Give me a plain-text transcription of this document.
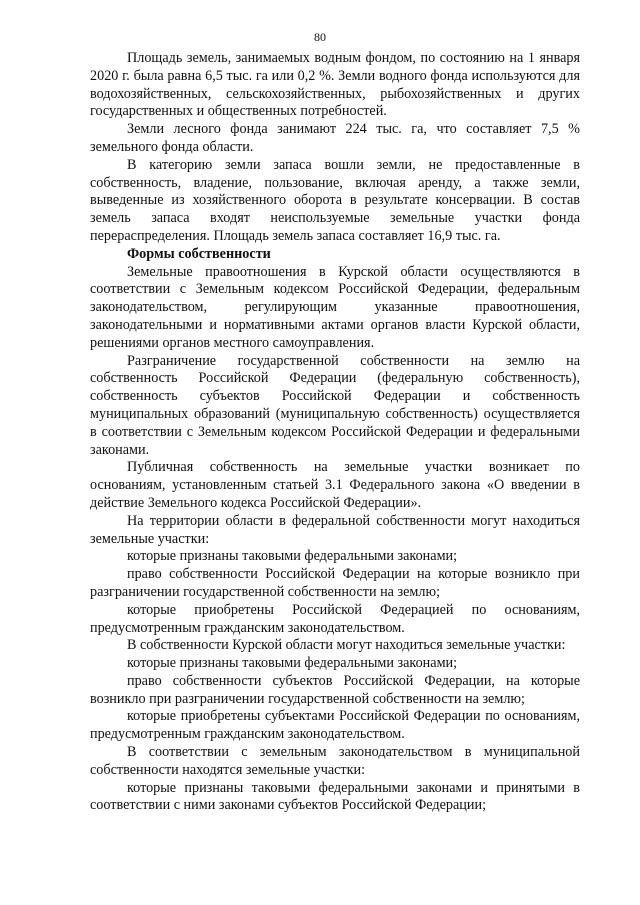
80

Площадь земель, занимаемых водным фондом, по состоянию на 1 января 2020 г. была равна 6,5 тыс. га или 0,2 %. Земли водного фонда используются для водохозяйственных, сельскохозяйственных, рыбохозяйственных и других государственных и общественных потребностей.

Земли лесного фонда занимают 224 тыс. га, что составляет 7,5 % земельного фонда области.

В категорию земли запаса вошли земли, не предоставленные в собственность, владение, пользование, включая аренду, а также земли, выведенные из хозяйственного оборота в результате консервации. В состав земель запаса входят неиспользуемые земельные участки фонда перераспределения. Площадь земель запаса составляет 16,9 тыс. га.

Формы собственности

Земельные правоотношения в Курской области осуществляются в соответствии с Земельным кодексом Российской Федерации, федеральным законодательством, регулирующим указанные правоотношения, законодательными и нормативными актами органов власти Курской области, решениями органов местного самоуправления.

Разграничение государственной собственности на землю на собственность Российской Федерации (федеральную собственность), собственность субъектов Российской Федерации и собственность муниципальных образований (муниципальную собственность) осуществляется в соответствии с Земельным кодексом Российской Федерации и федеральными законами.

Публичная собственность на земельные участки возникает по основаниям, установленным статьей 3.1 Федерального закона «О введении в действие Земельного кодекса Российской Федерации».

На территории области в федеральной собственности могут находиться земельные участки:

которые признаны таковыми федеральными законами;

право собственности Российской Федерации на которые возникло при разграничении государственной собственности на землю;

которые приобретены Российской Федерацией по основаниям, предусмотренным гражданским законодательством.

В собственности Курской области могут находиться земельные участки:

которые признаны таковыми федеральными законами;

право собственности субъектов Российской Федерации, на которые возникло при разграничении государственной собственности на землю;

которые приобретены субъектами Российской Федерации по основаниям, предусмотренным гражданским законодательством.

В соответствии с земельным законодательством в муниципальной собственности находятся земельные участки:

которые признаны таковыми федеральными законами и принятыми в соответствии с ними законами субъектов Российской Федерации;
